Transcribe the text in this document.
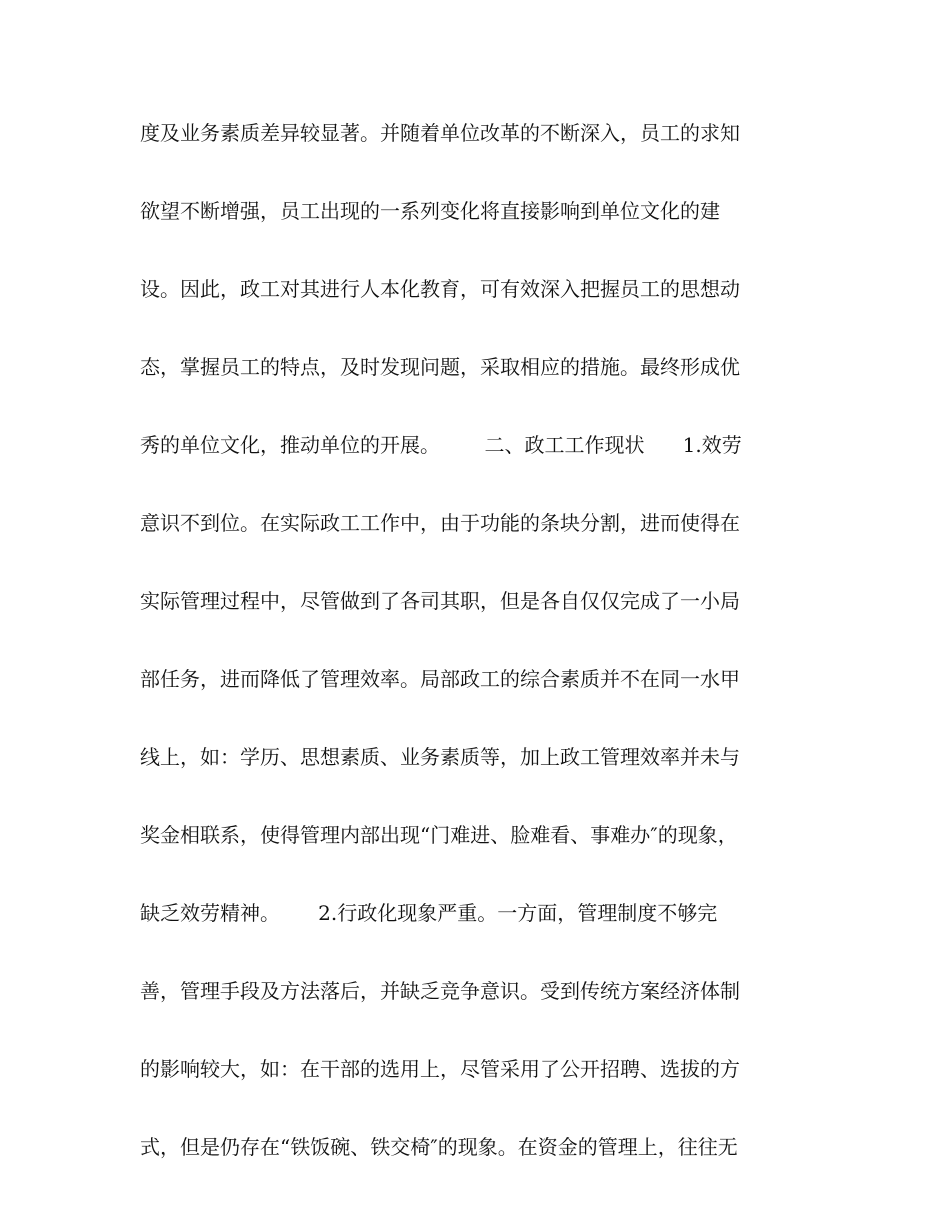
度及业务素质差异较显著。并随着单位改革的不断深入，员工的求知
欲望不断增强，员工出现的一系列变化将直接影响到单位文化的建
设。因此，政工对其进行人本化教育，可有效深入把握员工的思想动
态，掌握员工的特点，及时发现问题，采取相应的措施。最终形成优
秀的单位文化，推动单位的开展。       二、政工工作现状      1.效劳
意识不到位。在实际政工工作中，由于功能的条块分割，进而使得在
实际管理过程中，尽管做到了各司其职，但是各自仅仅完成了一小局
部任务，进而降低了管理效率。局部政工的综合素质并不在同一水甲
线上，如：学历、思想素质、业务素质等，加上政工管理效率并未与
奖金相联系，使得管理内部出现“门难进、脸难看、事难办″的现象，
缺乏效劳精神。      2.行政化现象严重。一方面，管理制度不够完
善，管理手段及方法落后，并缺乏竞争意识。受到传统方案经济体制
的影响较大，如：在干部的选用上，尽管采用了公开招聘、选拔的方
式，但是仍存在“铁饭碗、铁交椅″的现象。在资金的管理上，往往无
